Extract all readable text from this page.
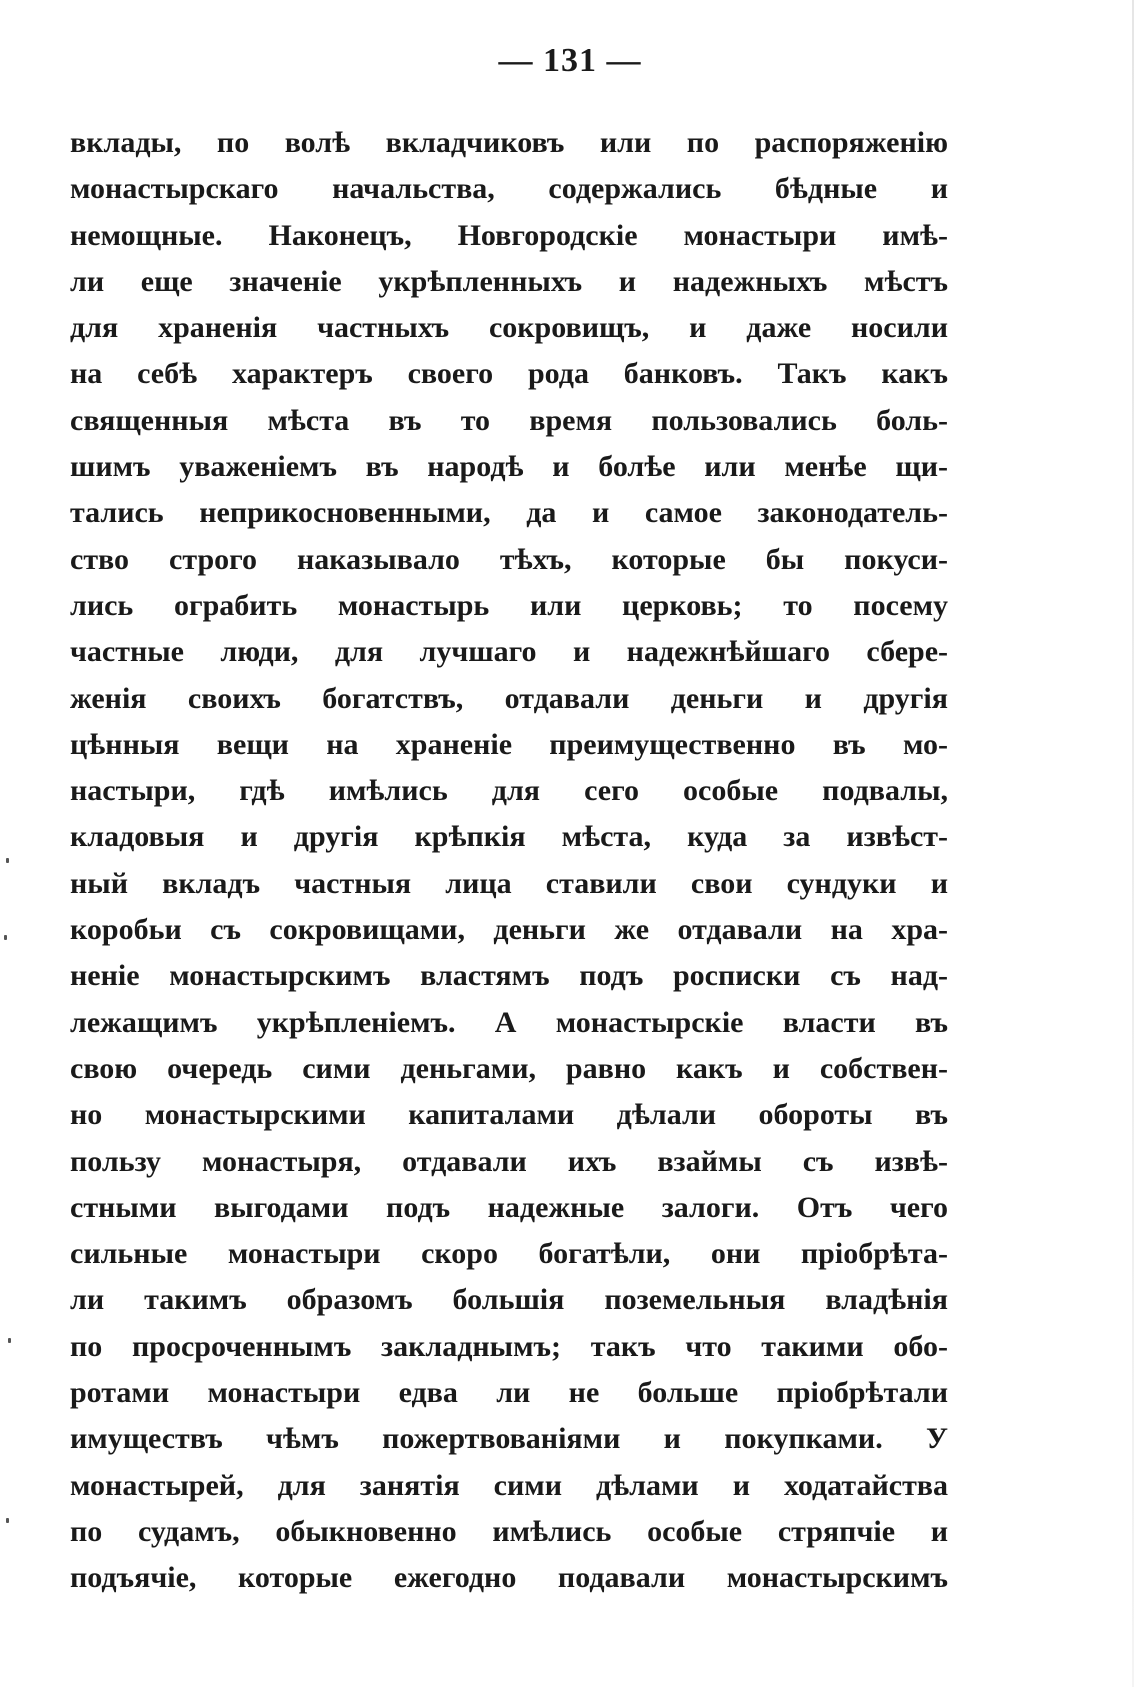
— 131 —
вклады, по волѣ вкладчиковъ или по распоряженію
монастырскаго начальства, содержались бѣдные и
немощные. Наконецъ, Новгородскіе монастыри имѣ-
ли еще значеніе укрѣпленныхъ и надежныхъ мѣстъ
для храненія частныхъ сокровищъ, и даже носили
на себѣ характеръ своего рода банковъ. Такъ какъ
священныя мѣста въ то время пользовались боль-
шимъ уваженіемъ въ народѣ и болѣе или менѣе щи-
тались неприкосновенными, да и самое законодатель-
ство строго наказывало тѣхъ, которые бы покуси-
лись ограбить монастырь или церковь; то посему
частные люди, для лучшаго и надежнѣйшаго сбере-
женія своихъ богатствъ, отдавали деньги и другія
цѣнныя вещи на храненіе преимущественно въ мо-
настыри, гдѣ имѣлись для сего особые подвалы,
кладовыя и другія крѣпкія мѣста, куда за извѣст-
ный вкладъ частныя лица ставили свои сундуки и
коробьи съ сокровищами, деньги же отдавали на хра-
неніе монастырскимъ властямъ подъ росписки съ над-
лежащимъ укрѣпленіемъ. А монастырскіе власти въ
свою очередь сими деньгами, равно какъ и собствен-
но монастырскими капиталами дѣлали обороты въ
пользу монастыря, отдавали ихъ взаймы съ извѣ-
стными выгодами подъ надежные залоги. Отъ чего
сильные монастыри скоро богатѣли, они пріобрѣта-
ли такимъ образомъ большія поземельныя владѣнія
по просроченнымъ закладнымъ; такъ что такими обо-
ротами монастыри едва ли не больше пріобрѣтали
имуществъ чѣмъ пожертвованіями и покупками. У
монастырей, для занятія сими дѣлами и ходатайства
по судамъ, обыкновенно имѣлись особые стряпчіе и
подъячіе, которые ежегодно подавали монастырскимъ
